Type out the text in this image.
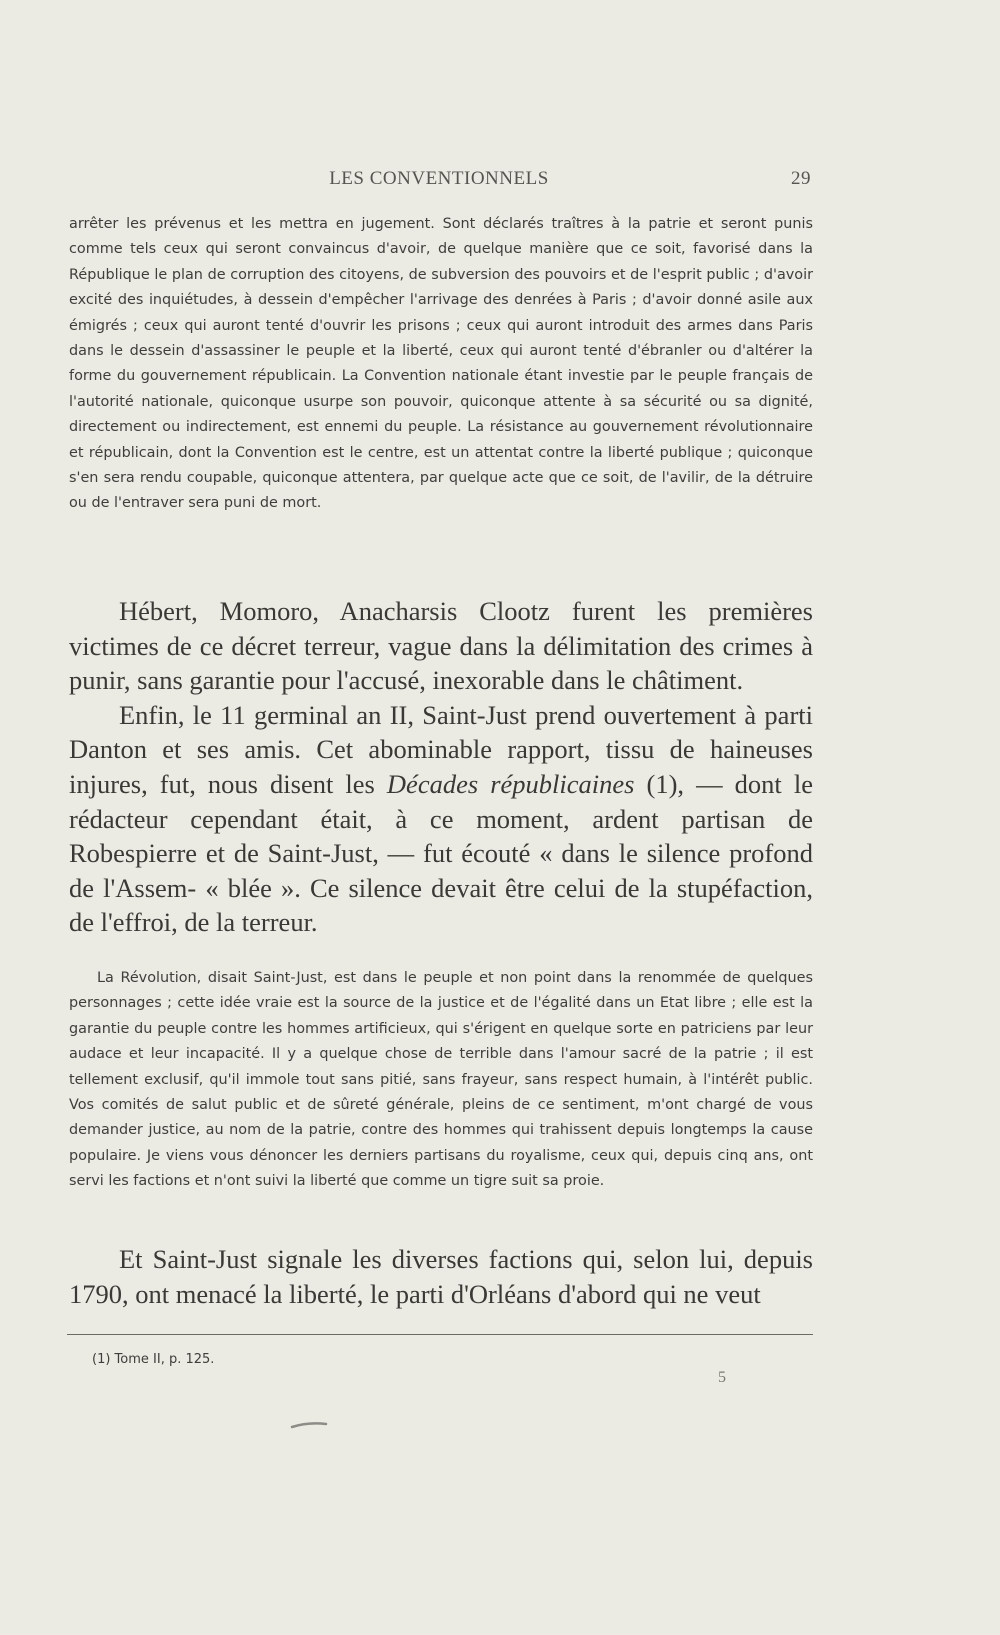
LES CONVENTIONNELS	29

arrêter les prévenus et les mettra en jugement. Sont déclarés traîtres à la patrie et seront punis comme tels ceux qui seront convaincus d'avoir, de quelque manière que ce soit, favorisé dans la République le plan de corruption des citoyens, de subversion des pouvoirs et de l'esprit public ; d'avoir excité des inquiétudes, à dessein d'empêcher l'arrivage des denrées à Paris ; d'avoir donné asile aux émigrés ; ceux qui auront tenté d'ouvrir les prisons ; ceux qui auront introduit des armes dans Paris dans le dessein d'assassiner le peuple et la liberté, ceux qui auront tenté d'ébranler ou d'altérer la forme du gouvernement républicain. La Convention nationale étant investie par le peuple français de l'autorité nationale, quiconque usurpe son pouvoir, quiconque attente à sa sécurité ou sa dignité, directement ou indirectement, est ennemi du peuple. La résistance au gouvernement révolutionnaire et républicain, dont la Convention est le centre, est un attentat contre la liberté publique ; quiconque s'en sera rendu coupable, quiconque attentera, par quelque acte que ce soit, de l'avilir, de la détruire ou de l'entraver sera puni de mort.

Hébert, Momoro, Anacharsis Clootz furent les premières victimes de ce décret terreur, vague dans la délimitation des crimes à punir, sans garantie pour l'accusé, inexorable dans le châtiment.

Enfin, le 11 germinal an II, Saint-Just prend ouvertement à parti Danton et ses amis. Cet abominable rapport, tissu de haineuses injures, fut, nous disent les Décades républicaines (1), — dont le rédacteur cependant était, à ce moment, ardent partisan de Robespierre et de Saint-Just, — fut écouté « dans le silence profond de l'Assem- « blée ». Ce silence devait être celui de la stupéfaction, de l'effroi, de la terreur.

La Révolution, disait Saint-Just, est dans le peuple et non point dans la renommée de quelques personnages ; cette idée vraie est la source de la justice et de l'égalité dans un Etat libre ; elle est la garantie du peuple contre les hommes artificieux, qui s'érigent en quelque sorte en patriciens par leur audace et leur incapacité. Il y a quelque chose de terrible dans l'amour sacré de la patrie ; il est tellement exclusif, qu'il immole tout sans pitié, sans frayeur, sans respect humain, à l'intérêt public. Vos comités de salut public et de sûreté générale, pleins de ce sentiment, m'ont chargé de vous demander justice, au nom de la patrie, contre des hommes qui trahissent depuis longtemps la cause populaire. Je viens vous dénoncer les derniers partisans du royalisme, ceux qui, depuis cinq ans, ont servi les factions et n'ont suivi la liberté que comme un tigre suit sa proie.

Et Saint-Just signale les diverses factions qui, selon lui, depuis 1790, ont menacé la liberté, le parti d'Orléans d'abord qui ne veut

(1) Tome II, p. 125.
5
